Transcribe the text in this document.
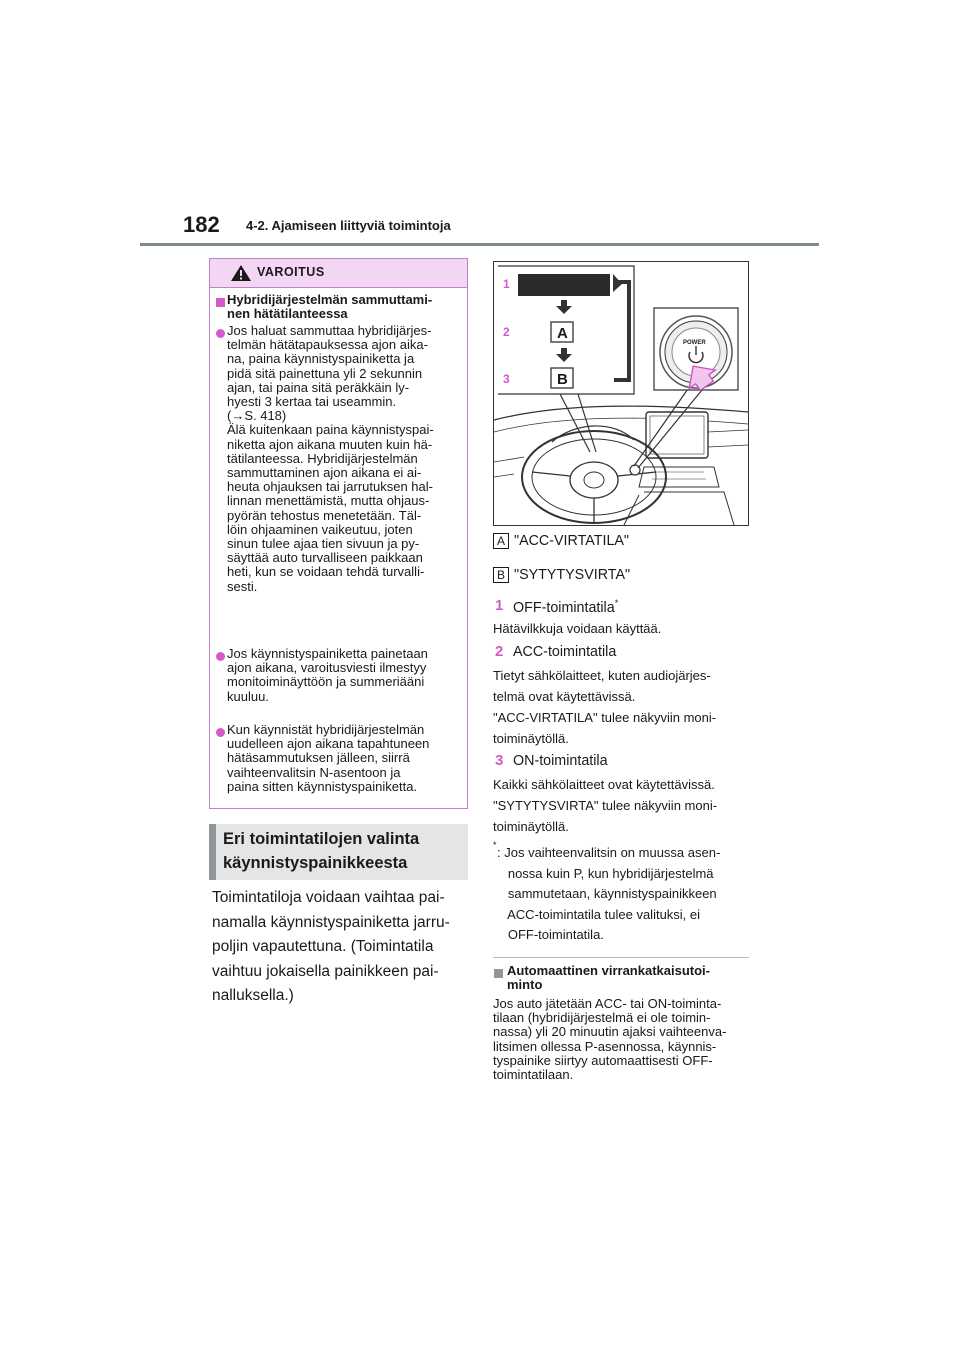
182 4-2. Ajamiseen liittyviä toimintoja
VAROITUS
Hybridijärjestelmän sammuttami-
nen hätätilanteessa
Jos haluat sammuttaa hybridijärjes-
telmän hätätapauksessa ajon aika-
na, paina käynnistyspainiketta ja
pidä sitä painettuna yli 2 sekunnin
ajan, tai paina sitä peräkkäin ly-
hyesti 3 kertaa tai useammin.
(→S. 418)
Älä kuitenkaan paina käynnistyspai-
niketta ajon aikana muuten kuin hä-
tätilanteessa. Hybridijärjestelmän
sammuttaminen ajon aikana ei ai-
heuta ohjauksen tai jarrutuksen hal-
linnan menettämistä, mutta ohjaus-
pyörän tehostus menetetään. Täl-
löin ohjaaminen vaikeutuu, joten
sinun tulee ajaa tien sivuun ja py-
säyttää auto turvalliseen paikkaan
heti, kun se voidaan tehdä turvalli-
sesti.
Jos käynnistyspainiketta painetaan
ajon aikana, varoitusviesti ilmestyy
monitoiminäyttöön ja summeriääni
kuuluu.
Kun käynnistät hybridijärjestelmän
uudelleen ajon aikana tapahtuneen
hätäsammutuksen jälleen, siirrä
vaihteenvalitsin N-asentoon ja
paina sitten käynnistyspainiketta.
Eri toimintatilojen valinta
käynnistyspainikkeesta
Toimintatiloja voidaan vaihtaa pai-
namalla käynnistyspainiketta jarru-
poljin vapautettuna. (Toimintatila
vaihtuu jokaisella painikkeen pai-
nalluksella.)
1
2
3
A
B
POWER
A "ACC-VIRTATILA"
B "SYTYTYSVIRTA"
1 OFF-toimintatila*
Hätävilkkuja voidaan käyttää.
2 ACC-toimintatila
Tietyt sähkölaitteet, kuten audiojärjes-
telmä ovat käytettävissä.
"ACC-VIRTATILA" tulee näkyviin moni-
toiminäytöllä.
3 ON-toimintatila
Kaikki sähkölaitteet ovat käytettävissä.
"SYTYTYSVIRTA" tulee näkyviin moni-
toiminäytöllä.
* : Jos vaihteenvalitsin on muussa asen-
nossa kuin P, kun hybridijärjestelmä
sammutetaan, käynnistyspainikkeen
ACC-toimintatila tulee valituksi, ei
OFF-toimintatila.
Automaattinen virrankatkaisutoi-
minto
Jos auto jätetään ACC- tai ON-toiminta-
tilaan (hybridijärjestelmä ei ole toimin-
nassa) yli 20 minuutin ajaksi vaihteenva-
litsimen ollessa P-asennossa, käynnis-
tyspainike siirtyy automaattisesti OFF-
toimintatilaan.
